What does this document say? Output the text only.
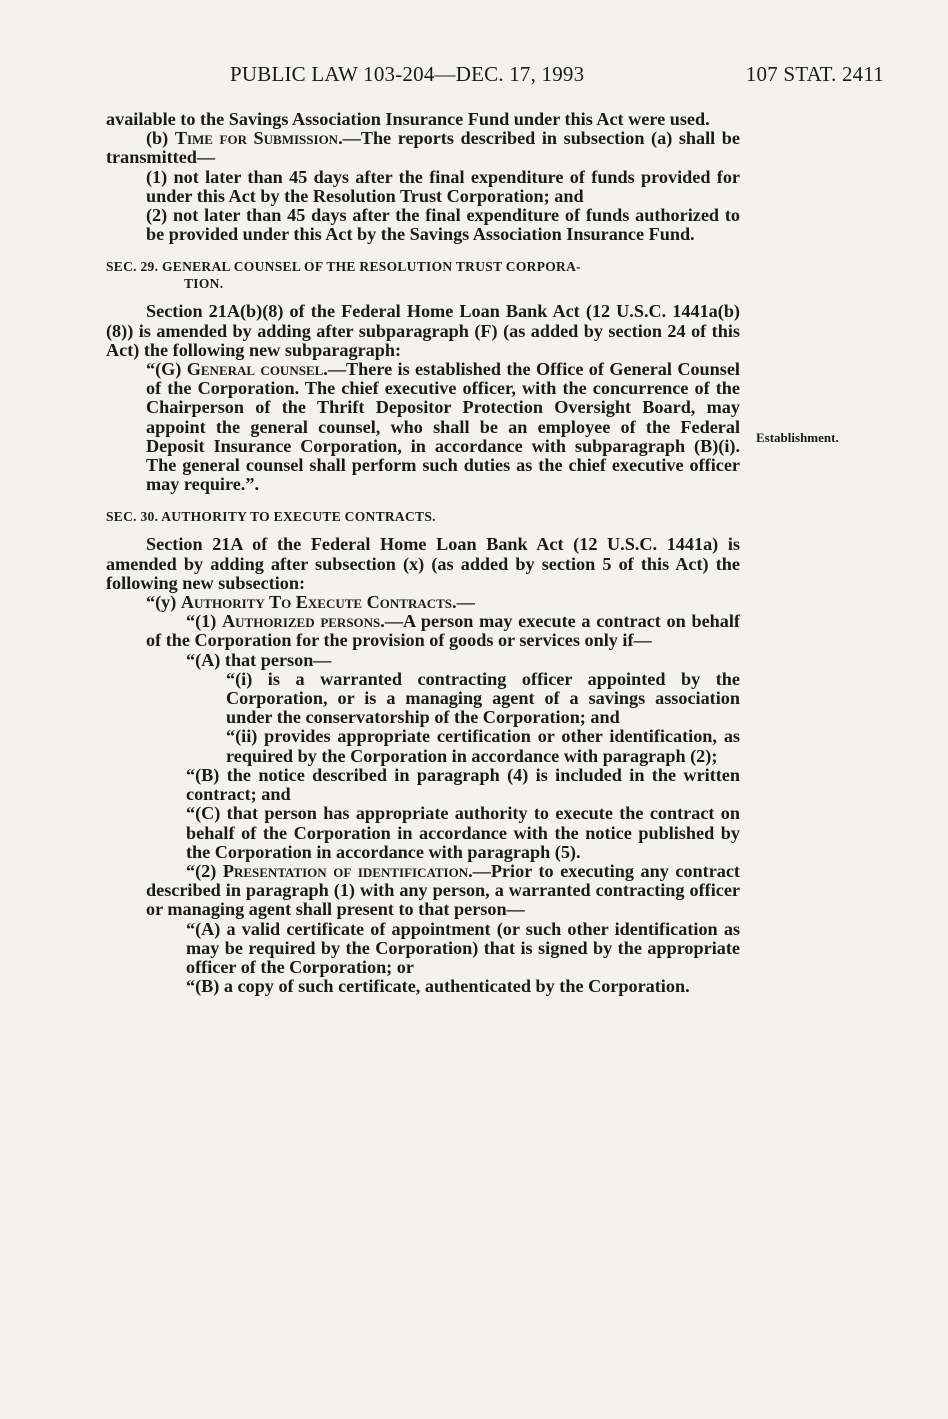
PUBLIC LAW 103-204—DEC. 17, 1993	107 STAT. 2411
Establishment.

available to the Savings Association Insurance Fund under this Act were used.

(b) Time for Submission.—The reports described in subsection (a) shall be transmitted—

(1) not later than 45 days after the final expenditure of funds provided for under this Act by the Resolution Trust Corporation; and

(2) not later than 45 days after the final expenditure of funds authorized to be provided under this Act by the Savings Association Insurance Fund.

SEC. 29. GENERAL COUNSEL OF THE RESOLUTION TRUST CORPORA-
TION.

Section 21A(b)(8) of the Federal Home Loan Bank Act (12 U.S.C. 1441a(b)(8)) is amended by adding after subparagraph (F) (as added by section 24 of this Act) the following new subparagraph:

“(G) General counsel.—There is established the Office of General Counsel of the Corporation. The chief executive officer, with the concurrence of the Chairperson of the Thrift Depositor Protection Oversight Board, may appoint the general counsel, who shall be an employee of the Federal Deposit Insurance Corporation, in accordance with subparagraph (B)(i). The general counsel shall perform such duties as the chief executive officer may require.”.

SEC. 30. AUTHORITY TO EXECUTE CONTRACTS.

Section 21A of the Federal Home Loan Bank Act (12 U.S.C. 1441a) is amended by adding after subsection (x) (as added by section 5 of this Act) the following new subsection:

“(y) Authority To Execute Contracts.—

“(1) Authorized persons.—A person may execute a contract on behalf of the Corporation for the provision of goods or services only if—

“(A) that person—

“(i) is a warranted contracting officer appointed by the Corporation, or is a managing agent of a savings association under the conservatorship of the Corporation; and

“(ii) provides appropriate certification or other identification, as required by the Corporation in accordance with paragraph (2);

“(B) the notice described in paragraph (4) is included in the written contract; and

“(C) that person has appropriate authority to execute the contract on behalf of the Corporation in accordance with the notice published by the Corporation in accordance with paragraph (5).

“(2) Presentation of identification.—Prior to executing any contract described in paragraph (1) with any person, a warranted contracting officer or managing agent shall present to that person—

“(A) a valid certificate of appointment (or such other identification as may be required by the Corporation) that is signed by the appropriate officer of the Corporation; or

“(B) a copy of such certificate, authenticated by the Corporation.
